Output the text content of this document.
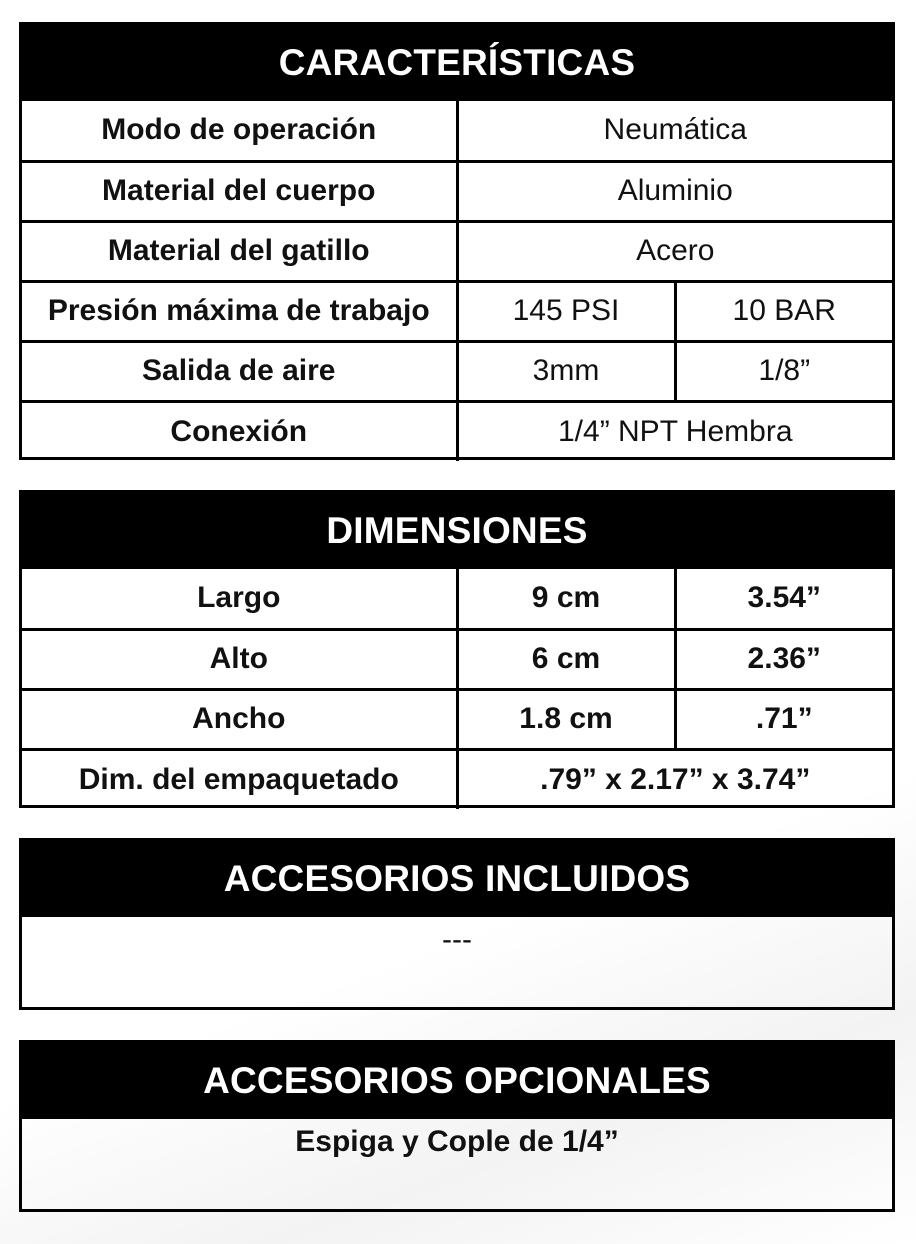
CARACTERÍSTICAS
Modo de operación	Neumática	
Material del cuerpo	Aluminio	
Material del gatillo	Acero	
Presión máxima de trabajo	145 PSI	10 BAR
Salida de aire	3mm	1/8”
Conexión	1/4” NPT Hembra	
DIMENSIONES
Largo	9 cm	3.54”
Alto	6 cm	2.36”
Ancho	1.8 cm	.71”
Dim. del empaquetado	.79” x 2.17” x 3.74”	
ACCESORIOS INCLUIDOS
---
ACCESORIOS OPCIONALES
Espiga y Cople de 1/4”
